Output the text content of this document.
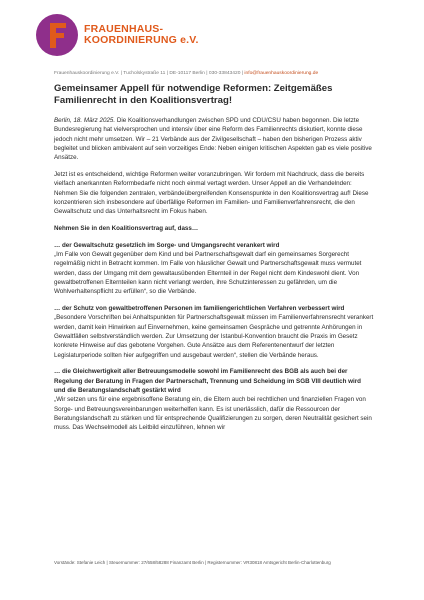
FRAUENHAUS-
KOORDINIERUNG e.V.
Frauenhauskoordinierung e.V. | Tucholskystraße 11 | DE-10117 Berlin | 030-33843420 | info@frauenhauskoordinierung.de
Gemeinsamer Appell für notwendige Reformen: Zeitgemäßes Familienrecht in den Koalitionsvertrag!

Berlin, 18. März 2025. Die Koalitionsverhandlungen zwischen SPD und CDU/CSU haben begonnen. Die letzte Bundesregierung hat vielversprochen und intensiv über eine Reform des Familienrechts diskutiert, konnte diese jedoch nicht mehr umsetzen. Wir – 21 Verbände aus der Zivilgesellschaft – haben den bisherigen Prozess aktiv begleitet und blicken ambivalent auf sein vorzeitiges Ende: Neben einigen kritischen Aspekten gab es viele positive Ansätze.

Jetzt ist es entscheidend, wichtige Reformen weiter voranzubringen. Wir fordern mit Nachdruck, dass die bereits vielfach anerkannten Reformbedarfe nicht noch einmal vertagt werden. Unser Appell an die Verhandelnden: Nehmen Sie die folgenden zentralen, verbändeübergreifenden Konsenspunkte in den Koalitionsvertrag auf! Diese konzentrieren sich insbesondere auf überfällige Reformen im Familien- und Familienverfahrensrecht, die den Gewaltschutz und das Unterhaltsrecht im Fokus haben.

Nehmen Sie in den Koalitionsvertrag auf, dass…

… der Gewaltschutz gesetzlich im Sorge- und Umgangsrecht verankert wird

„Im Falle von Gewalt gegenüber dem Kind und bei Partnerschaftsgewalt darf ein gemeinsames Sorgerecht regelmäßig nicht in Betracht kommen. Im Falle von häuslicher Gewalt und Partnerschaftsgewalt muss vermutet werden, dass der Umgang mit dem gewaltausübenden Elternteil in der Regel nicht dem Kindeswohl dient. Von gewaltbetroffenen Elternteilen kann nicht verlangt werden, ihre Schutzinteressen zu gefährden, um die Wohlverhaltenspflicht zu erfüllen“, so die Verbände.

… der Schutz von gewaltbetroffenen Personen im familiengerichtlichen Verfahren verbessert wird

„Besondere Vorschriften bei Anhaltspunkten für Partnerschaftsgewalt müssen im Familienverfahrensrecht verankert werden, damit kein Hinwirken auf Einvernehmen, keine gemeinsamen Gespräche und getrennte Anhörungen in Gewaltfällen selbstverständlich werden. Zur Umsetzung der Istanbul-Konvention braucht die Praxis im Gesetz konkrete Hinweise auf das gebotene Vorgehen. Gute Ansätze aus dem Referentenentwurf der letzten Legislaturperiode sollten hier aufgegriffen und ausgebaut werden“, stellen die Verbände heraus.

… die Gleichwertigkeit aller Betreuungsmodelle sowohl im Familienrecht des BGB als auch bei der Regelung der Beratung in Fragen der Partnerschaft, Trennung und Scheidung im SGB VIII deutlich wird und die Beratungslandschaft gestärkt wird

„Wir setzen uns für eine ergebnisoffene Beratung ein, die Eltern auch bei rechtlichen und finanziellen Fragen von Sorge- und Betreuungsvereinbarungen weiterhelfen kann. Es ist unerlässlich, dafür die Ressourcen der Beratungslandschaft zu stärken und für entsprechende Qualifizierungen zu sorgen, deren Neutralität gesichert sein muss. Das Wechselmodell als Leitbild einzuführen, lehnen wir

Vorstände: Stefanie Leich | Steuernummer: 27/658/58288 Finanzamt Berlin | Registernummer: VR30818 Amtsgericht Berlin-Charlottenburg
